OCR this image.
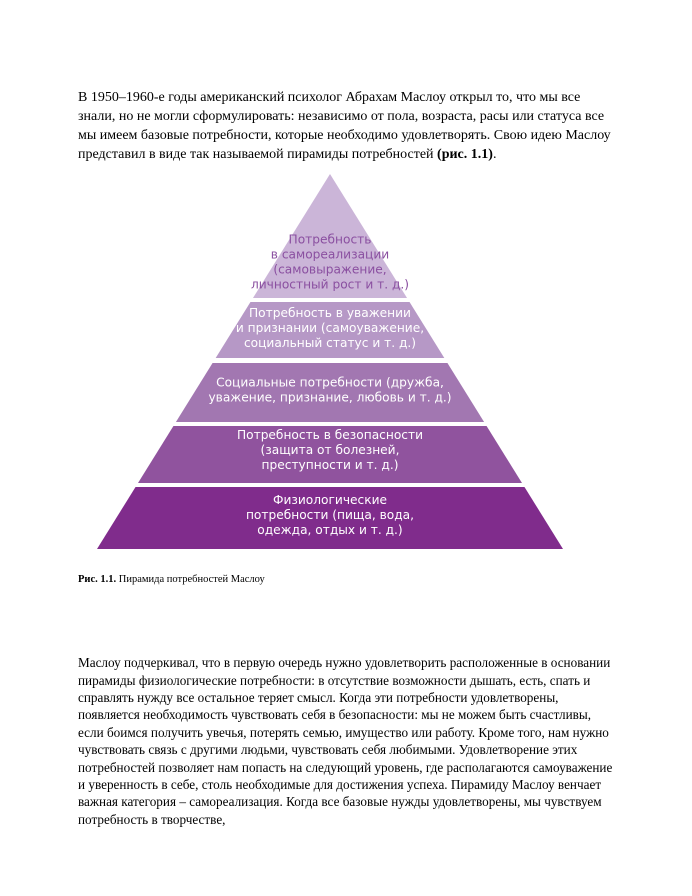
В 1950–1960-е годы американский психолог Абрахам Маслоу открыл то, что мы все знали, но не могли сформулировать: независимо от пола, возраста, расы или статуса все мы имеем базовые потребности, которые необходимо удовлетворять. Свою идею Маслоу представил в виде так называемой пирамиды потребностей (рис. 1.1).

Потребность в самореализации (самовыражение, личностный рост и т. д.)
Потребность в уважении и признании (самоуважение, социальный статус и т. д.)
Социальные потребности (дружба, уважение, признание, любовь и т. д.)
Потребность в безопасности (защита от болезней, преступности и т. д.)
Физиологические потребности (пища, вода, одежда, отдых и т. д.)

Рис. 1.1. Пирамида потребностей Маслоу

Маслоу подчеркивал, что в первую очередь нужно удовлетворить расположенные в основании пирамиды физиологические потребности: в отсутствие возможности дышать, есть, спать и справлять нужду все остальное теряет смысл. Когда эти потребности удовлетворены, появляется необходимость чувствовать себя в безопасности: мы не можем быть счастливы, если боимся получить увечья, потерять семью, имущество или работу. Кроме того, нам нужно чувствовать связь с другими людьми, чувствовать себя любимыми. Удовлетворение этих потребностей позволяет нам попасть на следующий уровень, где располагаются самоуважение и уверенность в себе, столь необходимые для достижения успеха. Пирамиду Маслоу венчает важная категория – самореализация. Когда все базовые нужды удовлетворены, мы чувствуем потребность в творчестве,
